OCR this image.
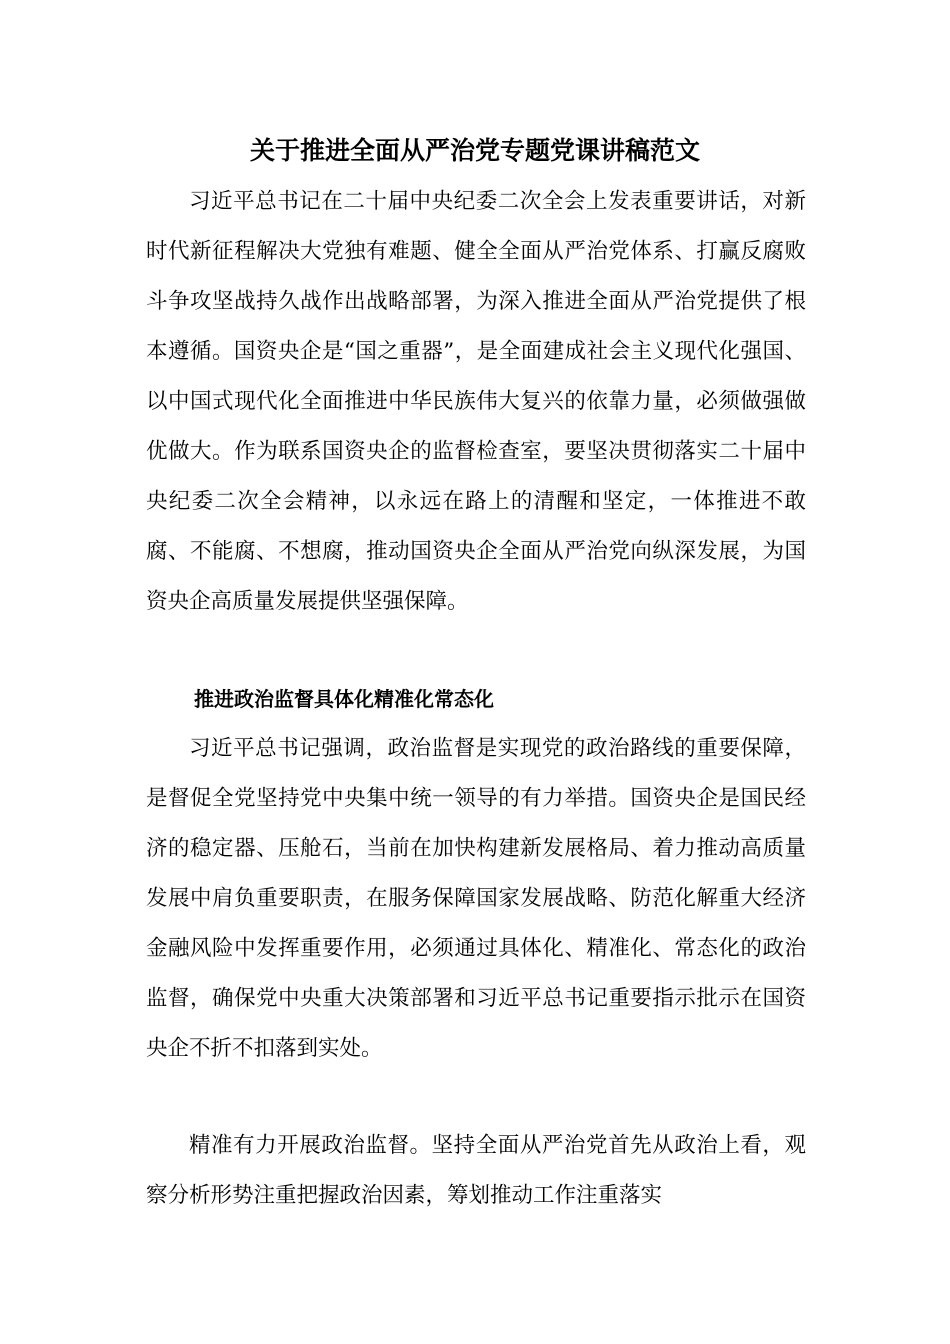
关于推进全面从严治党专题党课讲稿范文

习近平总书记在二十届中央纪委二次全会上发表重要讲话，对新时代新征程解决大党独有难题、健全全面从严治党体系、打赢反腐败斗争攻坚战持久战作出战略部署，为深入推进全面从严治党提供了根本遵循。国资央企是“国之重器”，是全面建成社会主义现代化强国、以中国式现代化全面推进中华民族伟大复兴的依靠力量，必须做强做优做大。作为联系国资央企的监督检查室，要坚决贯彻落实二十届中央纪委二次全会精神，以永远在路上的清醒和坚定，一体推进不敢腐、不能腐、不想腐，推动国资央企全面从严治党向纵深发展，为国资央企高质量发展提供坚强保障。

推进政治监督具体化精准化常态化

习近平总书记强调，政治监督是实现党的政治路线的重要保障，是督促全党坚持党中央集中统一领导的有力举措。国资央企是国民经济的稳定器、压舱石，当前在加快构建新发展格局、着力推动高质量发展中肩负重要职责，在服务保障国家发展战略、防范化解重大经济金融风险中发挥重要作用，必须通过具体化、精准化、常态化的政治监督，确保党中央重大决策部署和习近平总书记重要指示批示在国资央企不折不扣落到实处。

精准有力开展政治监督。坚持全面从严治党首先从政治上看，观察分析形势注重把握政治因素，筹划推动工作注重落实
